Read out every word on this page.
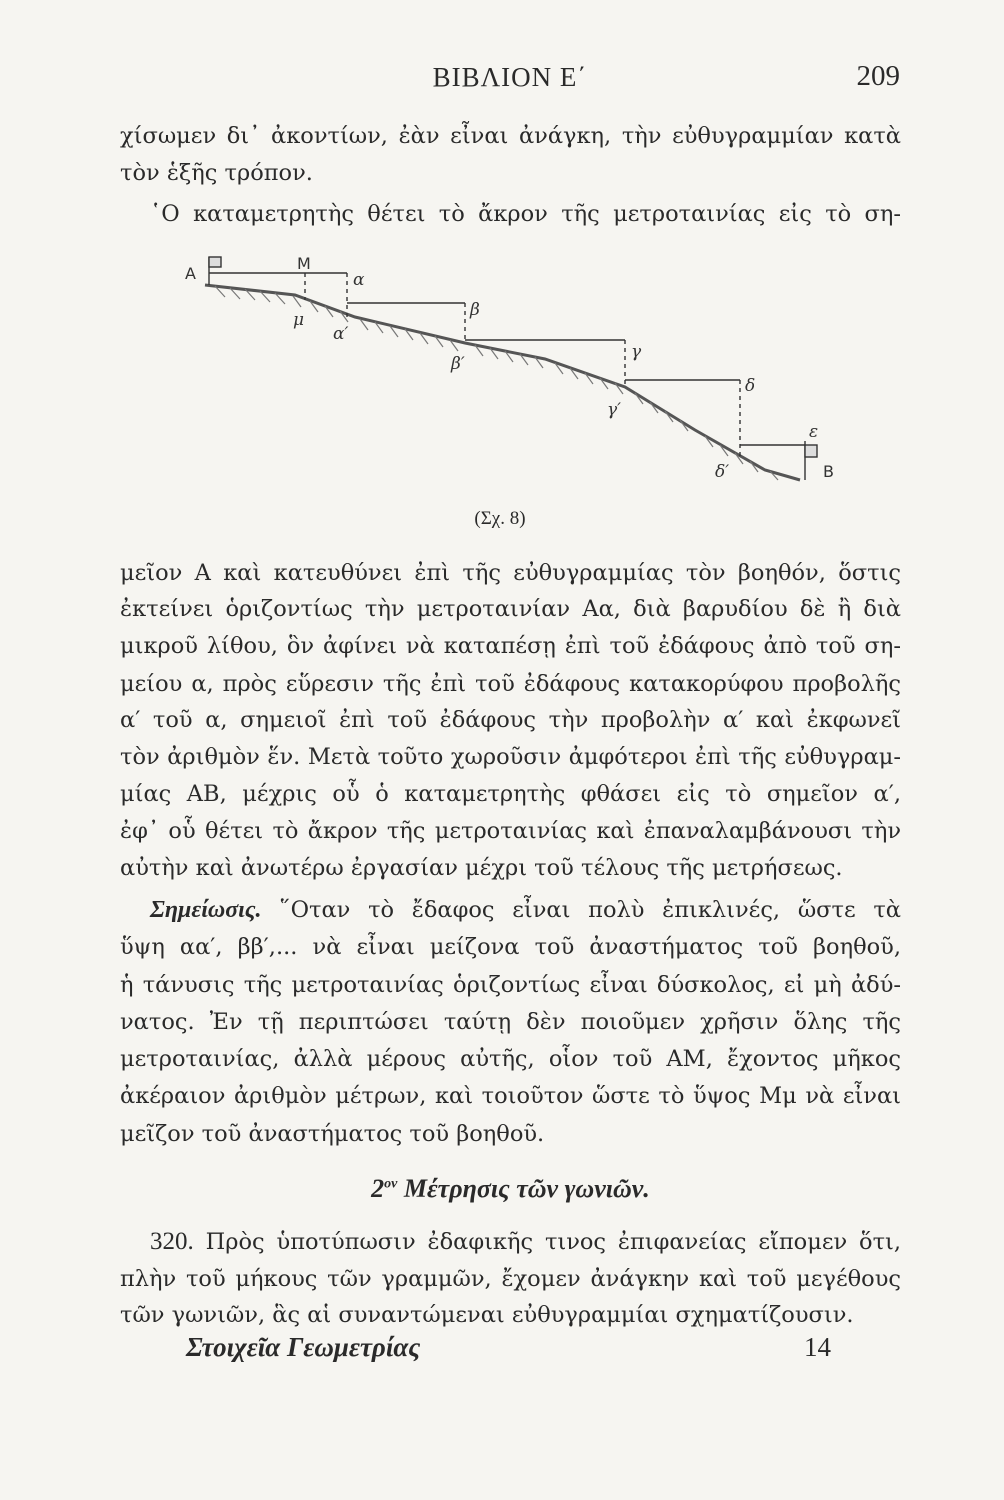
ΒΙΒΛΙΟΝ Ε΄	209
χίσωμεν δι᾽ ἀκοντίων, ἐὰν εἶναι ἀνάγκη, τὴν εὐθυγραμμίαν κατὰ
τὸν ἑξῆς τρόπον.
῾Ο καταμετρητὴς θέτει τὸ ἄκρον τῆς μετροταινίας εἰς τὸ ση-
A
M
α
μ
α′
β
β′
γ
γ′
δ
δ′
ε
B
(Σχ. 8)
μεῖον Α καὶ κατευθύνει ἐπὶ τῆς εὐθυγραμμίας τὸν βοηθόν, ὅστις
ἐκτείνει ὁριζοντίως τὴν μετροταινίαν Αα, διὰ βαρυδίου δὲ ἢ διὰ
μικροῦ λίθου, ὃν ἀφίνει νὰ καταπέσῃ ἐπὶ τοῦ ἐδάφους ἀπὸ τοῦ ση-
μείου α, πρὸς εὕρεσιν τῆς ἐπὶ τοῦ ἐδάφους κατακορύφου προβολῆς
α′ τοῦ α, σημειοῖ ἐπὶ τοῦ ἐδάφους τὴν προβολὴν α′ καὶ ἐκφωνεῖ
τὸν ἀριθμὸν ἕν. Μετὰ τοῦτο χωροῦσιν ἀμφότεροι ἐπὶ τῆς εὐθυγραμ-
μίας ΑΒ, μέχρις οὗ ὁ καταμετρητὴς φθάσει εἰς τὸ σημεῖον α′,
ἐφ᾽ οὗ θέτει τὸ ἄκρον τῆς μετροταινίας καὶ ἐπαναλαμβάνουσι τὴν
αὐτὴν καὶ ἀνωτέρω ἐργασίαν μέχρι τοῦ τέλους τῆς μετρήσεως.
Σημείωσις. ῞Οταν τὸ ἔδαφος εἶναι πολὺ ἐπικλινές, ὥστε τὰ
ὕψη αα′, ββ′,... νὰ εἶναι μείζονα τοῦ ἀναστήματος τοῦ βοηθοῦ,
ἡ τάνυσις τῆς μετροταινίας ὁριζοντίως εἶναι δύσκολος, εἰ μὴ ἀδύ-
νατος. Ἐν τῇ περιπτώσει ταύτῃ δὲν ποιοῦμεν χρῆσιν ὅλης τῆς
μετροταινίας, ἀλλὰ μέρους αὐτῆς, οἷον τοῦ ΑΜ, ἔχοντος μῆκος
ἀκέραιον ἀριθμὸν μέτρων, καὶ τοιοῦτον ὥστε τὸ ὕψος Μμ νὰ εἶναι
μεῖζον τοῦ ἀναστήματος τοῦ βοηθοῦ.
$2^{o\nu}$ Μέτρησις τῶν γωνιῶν.
320. Πρὸς ὑποτύπωσιν ἐδαφικῆς τινος ἐπιφανείας εἴπομεν ὅτι,
πλὴν τοῦ μήκους τῶν γραμμῶν, ἔχομεν ἀνάγκην καὶ τοῦ μεγέθους
τῶν γωνιῶν, ἃς αἱ συναντώμεναι εὐθυγραμμίαι σχηματίζουσιν.
Στοιχεῖα Γεωμετρίας	14
